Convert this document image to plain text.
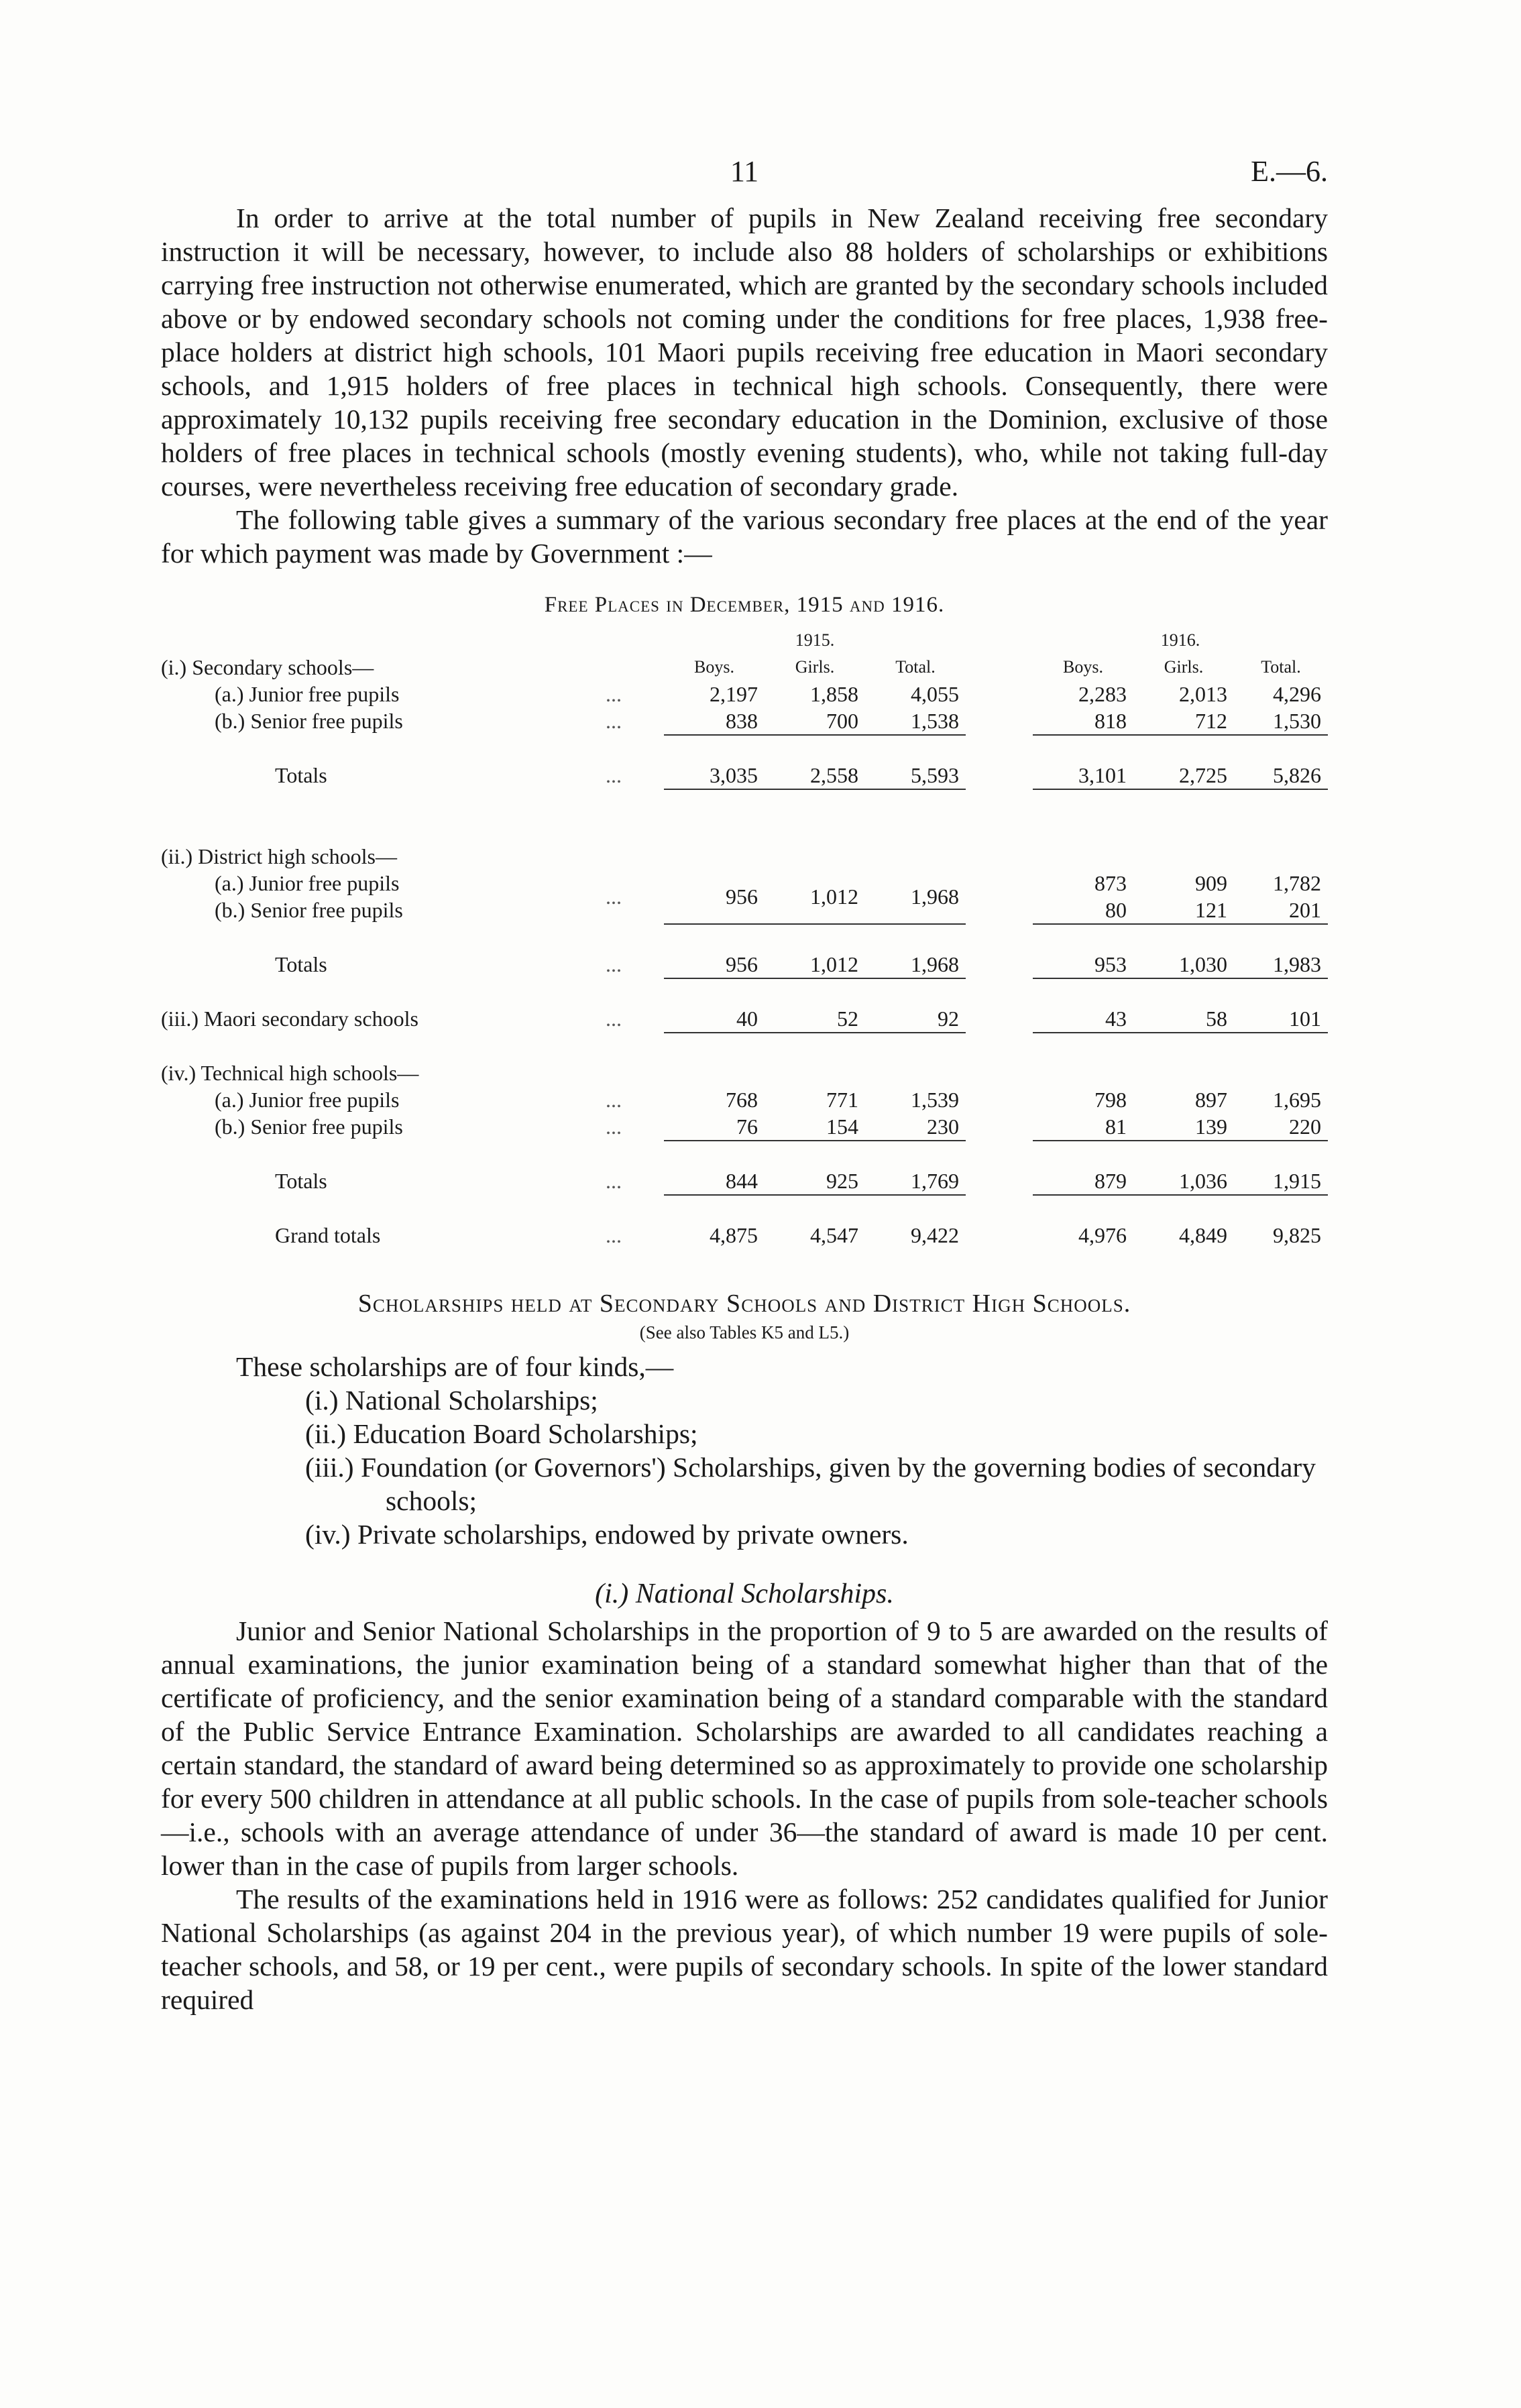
11	E.—6.

In order to arrive at the total number of pupils in New Zealand receiving free secondary instruction it will be necessary, however, to include also 88 holders of scholarships or exhibitions carrying free instruction not otherwise enumerated, which are granted by the secondary schools included above or by endowed secondary schools not coming under the conditions for free places, 1,938 free-place holders at district high schools, 101 Maori pupils receiving free education in Maori secondary schools, and 1,915 holders of free places in technical high schools. Consequently, there were approximately 10,132 pupils receiving free secondary education in the Dominion, exclusive of those holders of free places in technical schools (mostly evening students), who, while not taking full-day courses, were nevertheless receiving free education of secondary grade.

The following table gives a summary of the various secondary free places at the end of the year for which payment was made by Government :—

Free Places in December, 1915 and 1916.
		1915.				1916.		
(i.) Secondary schools—		Boys.	Girls.	Total.		Boys.	Girls.	Total.
(a.) Junior free pupils	...	2,197	1,858	4,055		2,283	2,013	4,296
(b.) Senior free pupils	...	838	700	1,538		818	712	1,530

Totals	...	3,035	2,558	5,593		3,101	2,725	5,826

(ii.) District high schools—								
(a.) Junior free pupils	...	956	1,012	1,968		873	909	1,782
(b.) Senior free pupils						80	121	201

Totals	...	956	1,012	1,968		953	1,030	1,983

(iii.) Maori secondary schools	...	40	52	92		43	58	101

(iv.) Technical high schools—								
(a.) Junior free pupils	...	768	771	1,539		798	897	1,695
(b.) Senior free pupils	...	76	154	230		81	139	220

Totals	...	844	925	1,769		879	1,036	1,915

Grand totals	...	4,875	4,547	9,422		4,976	4,849	9,825
Scholarships held at Secondary Schools and District High Schools.
(See also Tables K5 and L5.)

These scholarships are of four kinds,—

(i.) National Scholarships;
(ii.) Education Board Scholarships;
(iii.) Foundation (or Governors') Scholarships, given by the governing bodies of secondary schools;
(iv.) Private scholarships, endowed by private owners.
(i.) National Scholarships.

Junior and Senior National Scholarships in the proportion of 9 to 5 are awarded on the results of annual examinations, the junior examination being of a standard somewhat higher than that of the certificate of proficiency, and the senior examination being of a standard comparable with the standard of the Public Service Entrance Examination. Scholarships are awarded to all candidates reaching a certain standard, the standard of award being determined so as approximately to provide one scholarship for every 500 children in attendance at all public schools. In the case of pupils from sole-teacher schools—i.e., schools with an average attendance of under 36—the standard of award is made 10 per cent. lower than in the case of pupils from larger schools.

The results of the examinations held in 1916 were as follows: 252 candidates qualified for Junior National Scholarships (as against 204 in the previous year), of which number 19 were pupils of sole-teacher schools, and 58, or 19 per cent., were pupils of secondary schools. In spite of the lower standard required
